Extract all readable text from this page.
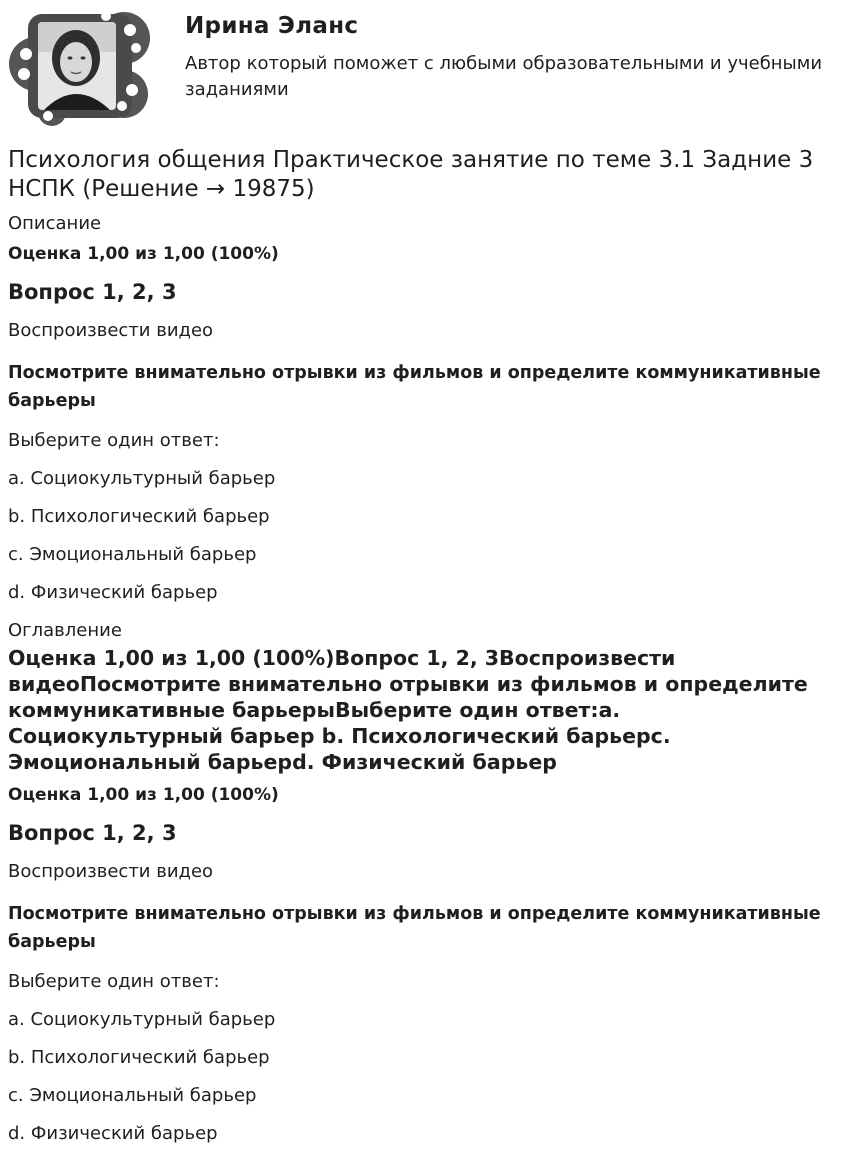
Ирина Эланс
Автор который поможет с любыми образовательными и учебными заданиями
Психология общения Практическое занятие по теме 3.1 Задние 3 НСПК (Решение → 19875)
Описание
Оценка 1,00 из 1,00 (100%)
Вопрос 1, 2, 3
Воспроизвести видео
Посмотрите внимательно отрывки из фильмов и определите коммуникативные барьеры
Выберите один ответ:
a. Социокультурный барьер
b. Психологический барьер
c. Эмоциональный барьер
d. Физический барьер
Оглавление
Оценка 1,00 из 1,00 (100%)Вопрос 1, 2, 3Воспроизвести видеоПосмотрите внимательно отрывки из фильмов и определите коммуникативные барьерыВыберите один ответ:a. Социокультурный барьер b. Психологический барьерc. Эмоциональный барьерd. Физический барьер
Оценка 1,00 из 1,00 (100%)
Вопрос 1, 2, 3
Воспроизвести видео
Посмотрите внимательно отрывки из фильмов и определите коммуникативные барьеры
Выберите один ответ:
a. Социокультурный барьер
b. Психологический барьер
c. Эмоциональный барьер
d. Физический барьер
